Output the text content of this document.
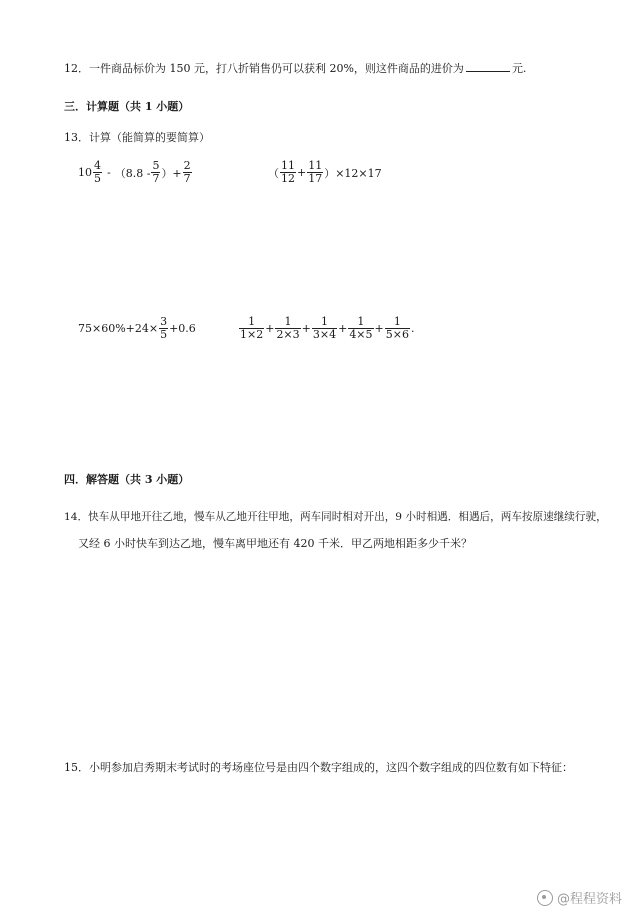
12．一件商品标价为 150 元，打八折销售仍可以获利 20%，则这件商品的进价为	元.
三．计算题（共 1 小题）
13．计算（能简算的要简算）
$10 \frac{4}{5} - (8.8 - \frac{5}{7}$ ）+ $\frac{2}{7}$	（ $\frac{11}{12} + \frac{11}{17} )\times 12\times 17$
$75\times 60\%+24\times \frac{3}{5} +0.6$	$\frac{1}{1\times 2} + \frac{1}{2\times 3} + \frac{1}{3\times 4} + \frac{1}{4\times 5} + \frac{1}{5\times 6}$ .
四．解答题（共 3 小题）
14．快车从甲地开往乙地，慢车从乙地开往甲地，两车同时相对开出，9 小时相遇．相遇后，两车按原速继续行驶，
又经 6 小时快车到达乙地，慢车离甲地还有 420 千米．甲乙两地相距多少千米？
15．小明参加启秀期末考试时的考场座位号是由四个数字组成的，这四个数字组成的四位数有如下特征：
@程程资料
